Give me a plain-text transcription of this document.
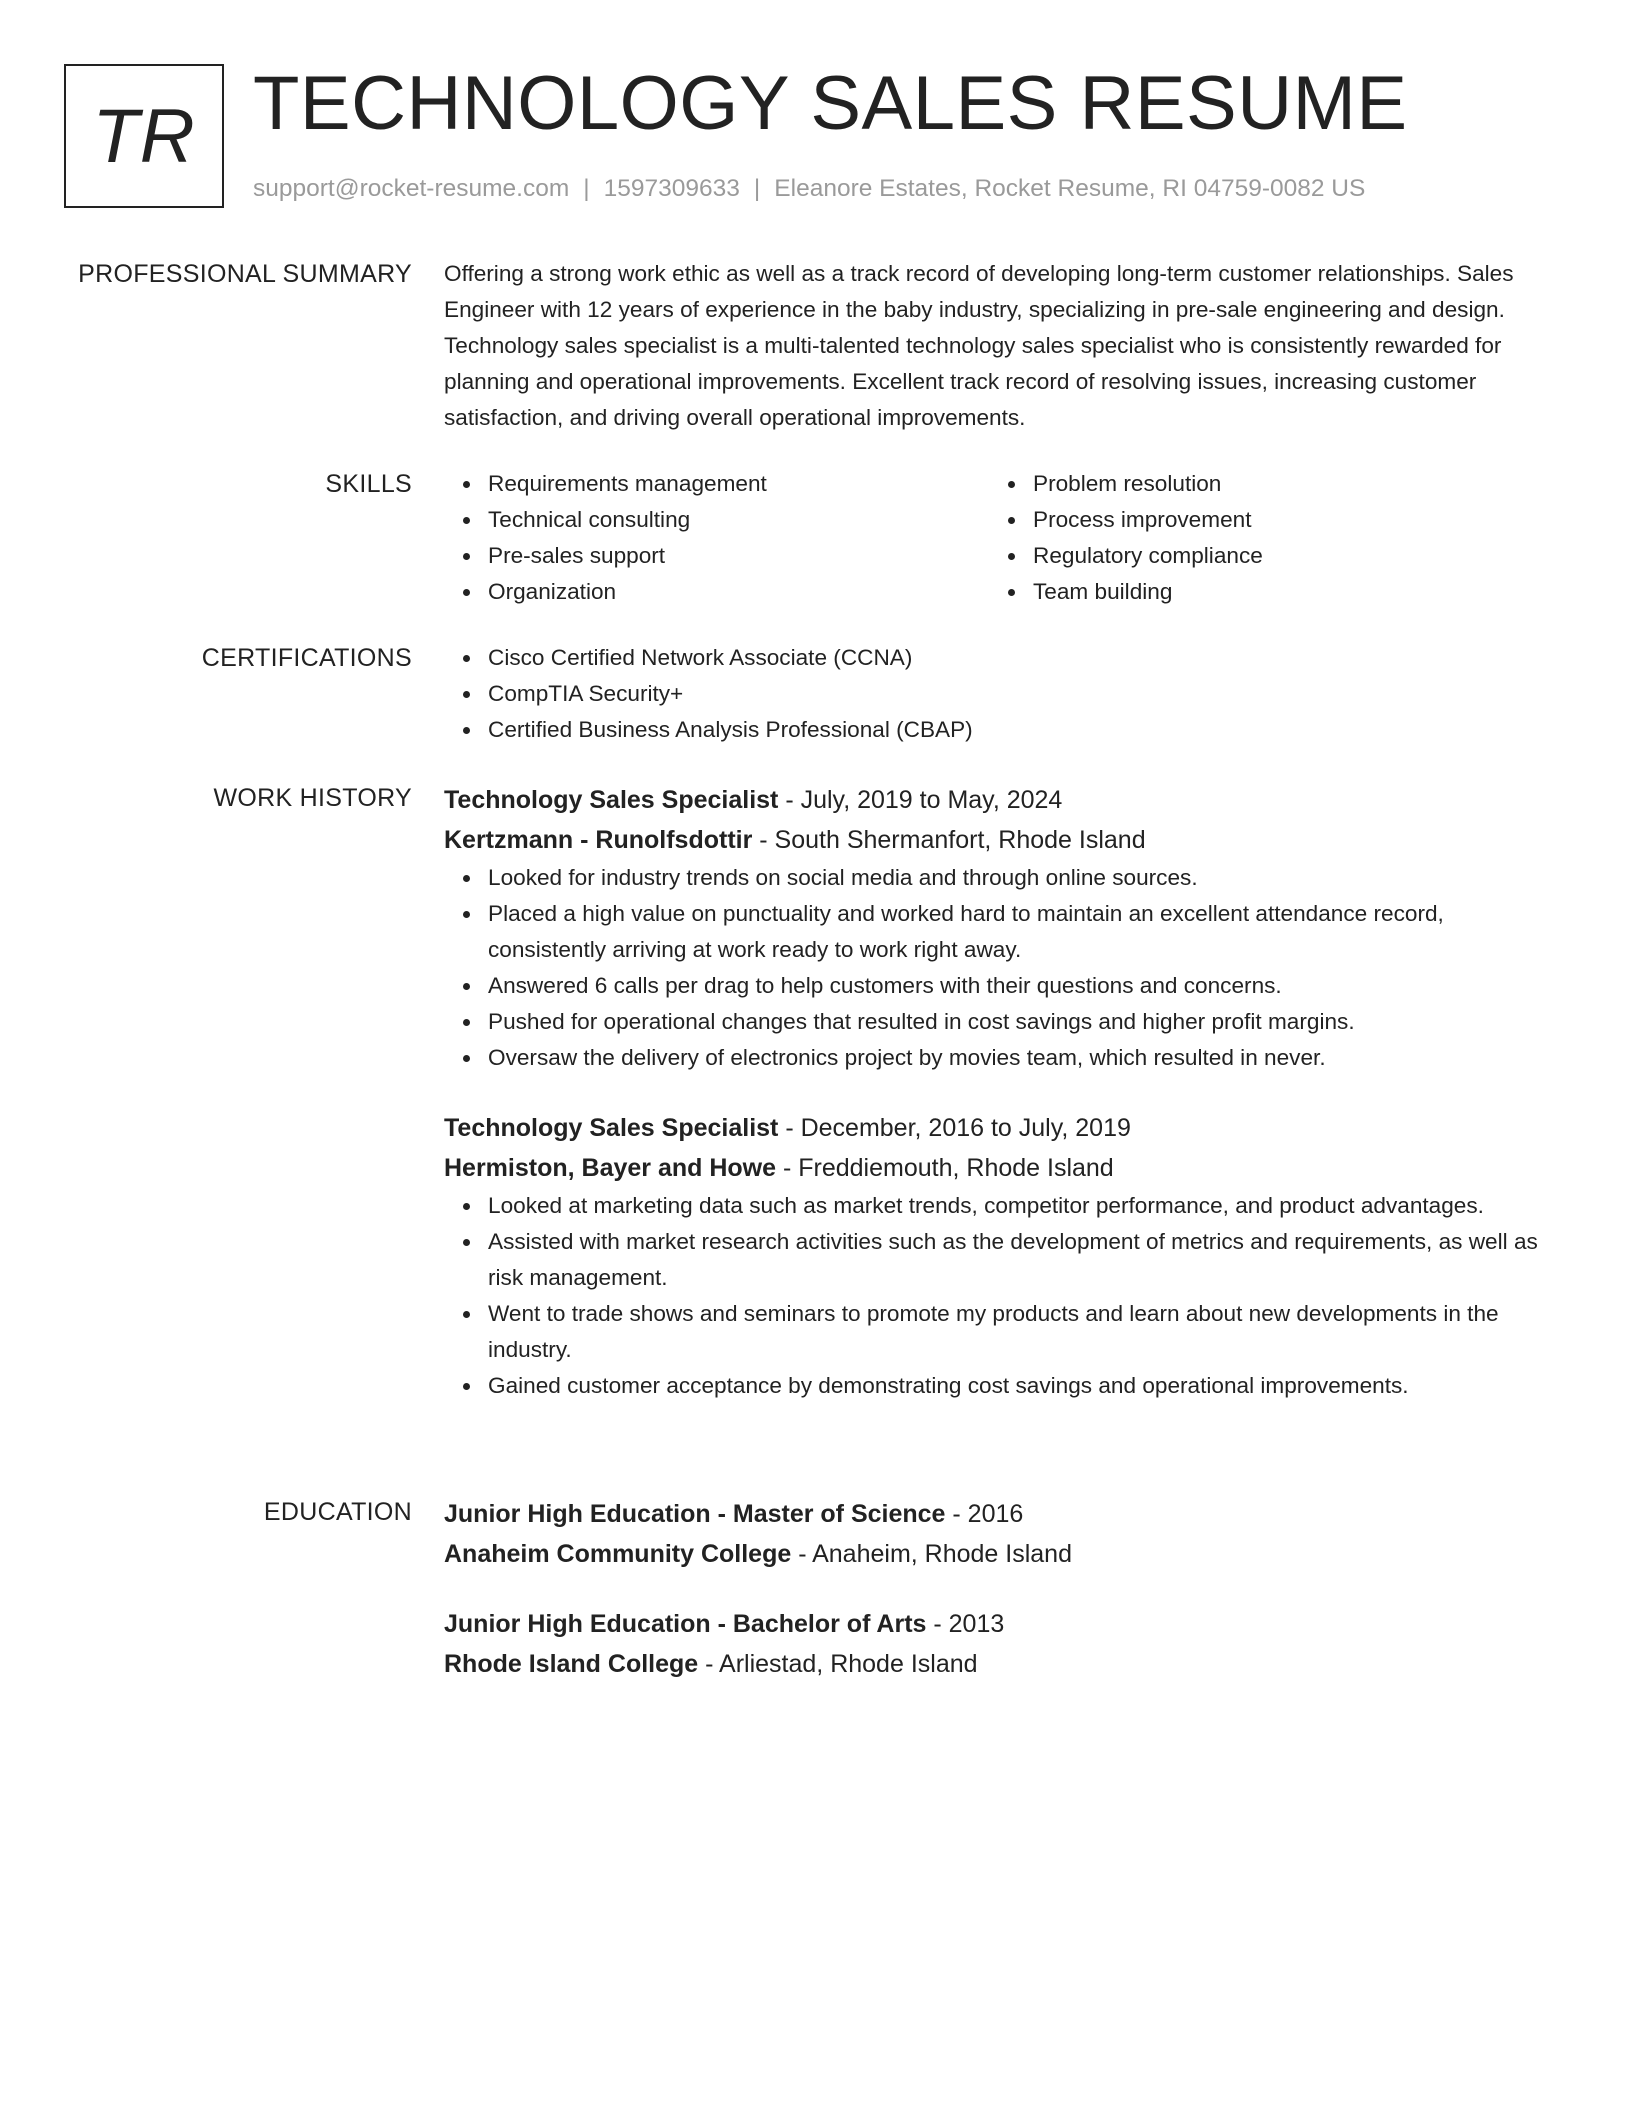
TR TECHNOLOGY SALES RESUME
support@rocket-resume.com | 1597309633 | Eleanore Estates, Rocket Resume, RI 04759-0082 US
PROFESSIONAL SUMMARY Offering a strong work ethic as well as a track record of developing long-term customer relationships. Sales Engineer with 12 years of experience in the baby industry, specializing in pre-sale engineering and design. Technology sales specialist is a multi-talented technology sales specialist who is consistently rewarded for planning and operational improvements. Excellent track record of resolving issues, increasing customer satisfaction, and driving overall operational improvements.
SKILLS	Requirements management
Technical consulting
Pre-sales support
Organization
Problem resolution
Process improvement
Regulatory compliance
Team building
CERTIFICATIONS	Cisco Certified Network Associate (CCNA)
CompTIA Security+
Certified Business Analysis Professional (CBAP)
WORK HISTORY Technology Sales Specialist - July, 2019 to May, 2024
Kertzmann - Runolfsdottir - South Shermanfort, Rhode Island
Looked for industry trends on social media and through online sources.
Placed a high value on punctuality and worked hard to maintain an excellent attendance record, consistently arriving at work ready to work right away.
Answered 6 calls per drag to help customers with their questions and concerns.
Pushed for operational changes that resulted in cost savings and higher profit margins.
Oversaw the delivery of electronics project by movies team, which resulted in never.
Technology Sales Specialist - December, 2016 to July, 2019
Hermiston, Bayer and Howe - Freddiemouth, Rhode Island
Looked at marketing data such as market trends, competitor performance, and product advantages.
Assisted with market research activities such as the development of metrics and requirements, as well as risk management.
Went to trade shows and seminars to promote my products and learn about new developments in the industry.
Gained customer acceptance by demonstrating cost savings and operational improvements.
EDUCATION Junior High Education - Master of Science - 2016
Anaheim Community College - Anaheim, Rhode Island
Junior High Education - Bachelor of Arts - 2013
Rhode Island College - Arliestad, Rhode Island
